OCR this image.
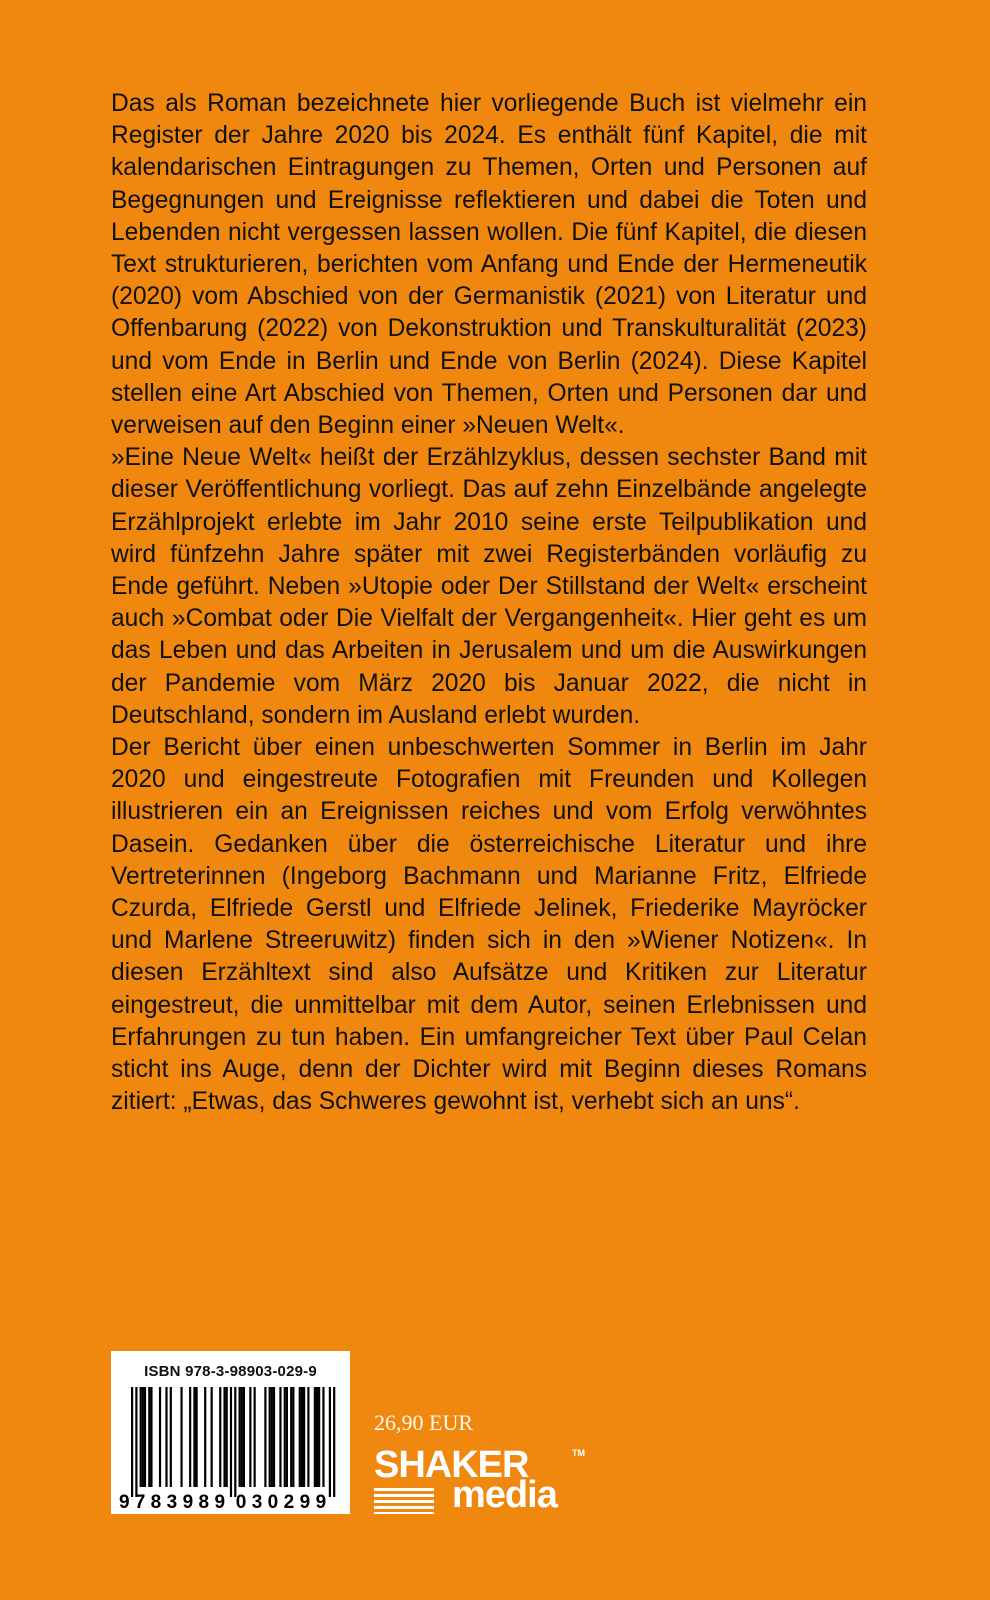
Das als Roman bezeichnete hier vorliegende Buch ist vielmehr ein Register der Jahre 2020 bis 2024. Es enthält fünf Kapitel, die mit kalendarischen Eintragungen zu Themen, Orten und Personen auf Begegnungen und Ereignisse reflektieren und dabei die Toten und Lebenden nicht vergessen lassen wollen. Die fünf Kapitel, die diesen Text strukturieren, berichten vom Anfang und Ende der Hermeneutik (2020) vom Abschied von der Germanistik (2021) von Literatur und Offenbarung (2022) von Dekonstruktion und Transkulturalität (2023) und vom Ende in Berlin und Ende von Berlin (2024). Diese Kapitel stellen eine Art Abschied von Themen, Orten und Personen dar und verweisen auf den Beginn einer »Neuen Welt«.

»Eine Neue Welt« heißt der Erzählzyklus, dessen sechster Band mit dieser Veröffentlichung vorliegt. Das auf zehn Einzelbände angelegte Erzählprojekt erlebte im Jahr 2010 seine erste Teilpublikation und wird fünfzehn Jahre später mit zwei Registerbänden vorläufig zu Ende geführt. Neben »Utopie oder Der Stillstand der Welt« erscheint auch »Combat oder Die Vielfalt der Vergangenheit«. Hier geht es um das Leben und das Arbeiten in Jerusalem und um die Auswirkungen der Pandemie vom März 2020 bis Januar 2022, die nicht in Deutschland, sondern im Ausland erlebt wurden.

Der Bericht über einen unbeschwerten Sommer in Berlin im Jahr 2020 und eingestreute Fotografien mit Freunden und Kollegen illustrieren ein an Ereignissen reiches und vom Erfolg verwöhntes Dasein. Gedanken über die österreichische Literatur und ihre Vertreterinnen (Ingeborg Bachmann und Marianne Fritz, Elfriede Czurda, Elfriede Gerstl und Elfriede Jelinek, Friederike Mayröcker und Marlene Streeruwitz) finden sich in den »Wiener Notizen«. In diesen Erzähltext sind also Aufsätze und Kritiken zur Literatur eingestreut, die unmittelbar mit dem Autor, seinen Erlebnissen und Erfahrungen zu tun haben. Ein umfangreicher Text über Paul Celan sticht ins Auge, denn der Dichter wird mit Beginn dieses Romans zitiert: „Etwas, das Schweres gewohnt ist, verhebt sich an uns“.

ISBN 978-3-98903-029-9
9 783989 030299
26,90 EUR
SHAKER	TM
media
